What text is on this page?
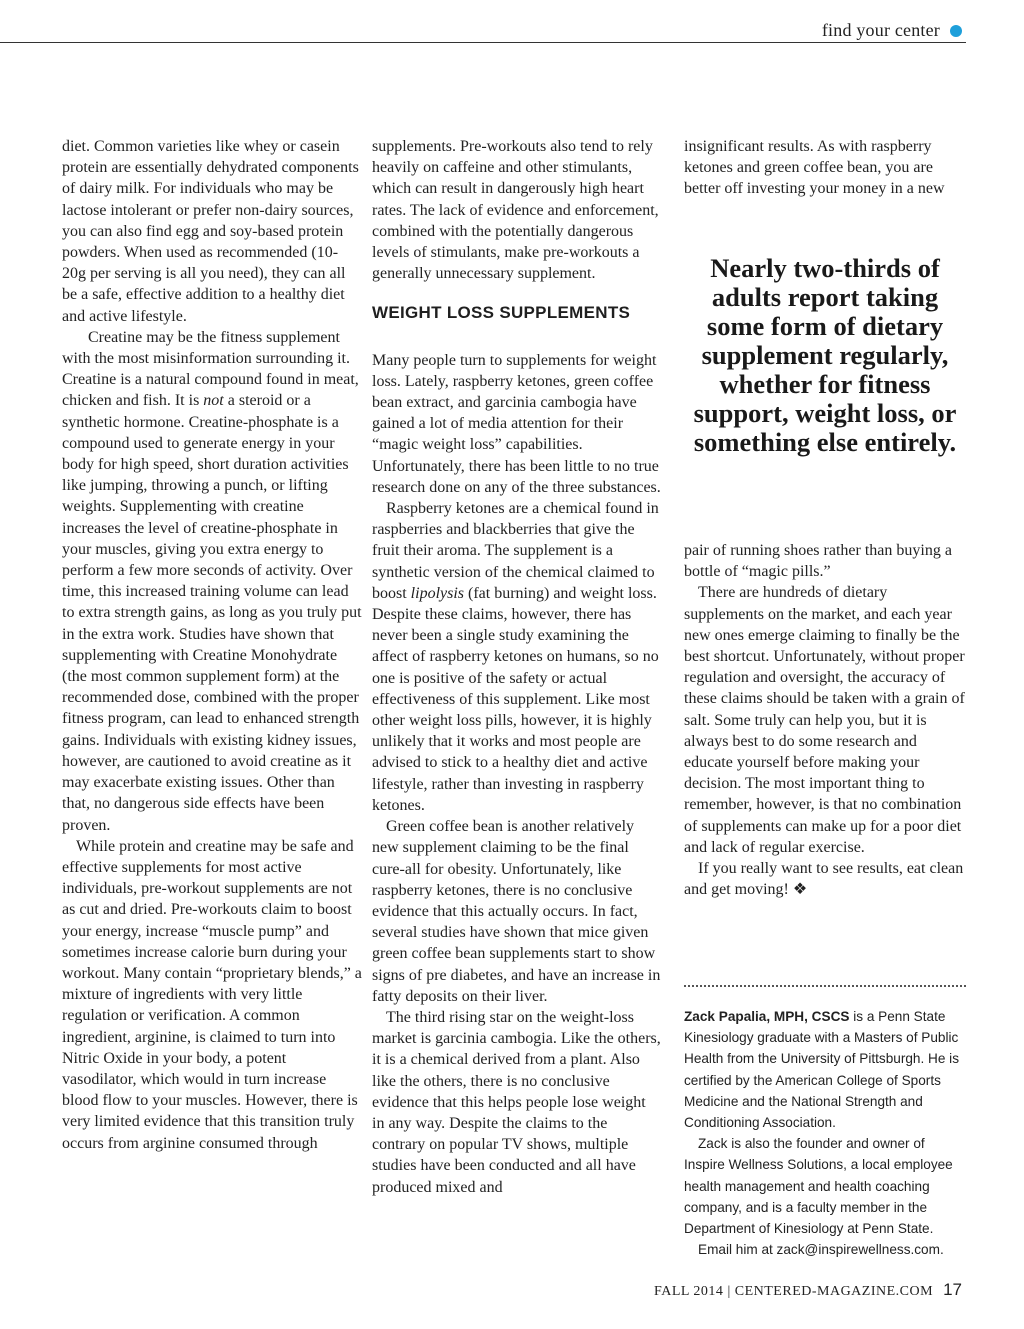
find your center

diet. Common varieties like whey or casein protein are essentially dehydrated components of dairy milk. For individuals who may be lactose intolerant or prefer non-dairy sources, you can also find egg and soy-based protein powders. When used as recommended (10-20g per serving is all you need), they can all be a safe, effective addition to a healthy diet and active lifestyle.

Creatine may be the fitness supplement with the most misinformation surrounding it. Creatine is a natural compound found in meat, chicken and fish. It is not a steroid or a synthetic hormone. Creatine-phosphate is a compound used to generate energy in your body for high speed, short duration activities like jumping, throwing a punch, or lifting weights. Supplementing with creatine increases the level of creatine-phosphate in your muscles, giving you extra energy to perform a few more seconds of activity. Over time, this increased training volume can lead to extra strength gains, as long as you truly put in the extra work. Studies have shown that supplementing with Creatine Monohydrate (the most common supplement form) at the recommended dose, combined with the proper fitness program, can lead to enhanced strength gains. Individuals with existing kidney issues, however, are cautioned to avoid creatine as it may exacerbate existing issues. Other than that, no dangerous side effects have been proven.

While protein and creatine may be safe and effective supplements for most active individuals, pre-workout supplements are not as cut and dried. Pre-workouts claim to boost your energy, increase “muscle pump” and sometimes increase calorie burn during your workout. Many contain “proprietary blends,” a mixture of ingredients with very little regulation or verification. A common ingredient, arginine, is claimed to turn into Nitric Oxide in your body, a potent vasodilator, which would in turn increase blood flow to your muscles. However, there is very limited evidence that this transition truly occurs from arginine consumed through

supplements. Pre-workouts also tend to rely heavily on caffeine and other stimulants, which can result in dangerously high heart rates. The lack of evidence and enforcement, combined with the potentially dangerous levels of stimulants, make pre-workouts a generally unnecessary supplement.

WEIGHT LOSS SUPPLEMENTS

Many people turn to supplements for weight loss. Lately, raspberry ketones, green coffee bean extract, and garcinia cambogia have gained a lot of media attention for their “magic weight loss” capabilities. Unfortunately, there has been little to no true research done on any of the three substances.

Raspberry ketones are a chemical found in raspberries and blackberries that give the fruit their aroma. The supplement is a synthetic version of the chemical claimed to boost lipolysis (fat burning) and weight loss. Despite these claims, however, there has never been a single study examining the affect of raspberry ketones on humans, so no one is positive of the safety or actual effectiveness of this supplement. Like most other weight loss pills, however, it is highly unlikely that it works and most people are advised to stick to a healthy diet and active lifestyle, rather than investing in raspberry ketones.

Green coffee bean is another relatively new supplement claiming to be the final cure-all for obesity. Unfortunately, like raspberry ketones, there is no conclusive evidence that this actually occurs. In fact, several studies have shown that mice given green coffee bean supplements start to show signs of pre diabetes, and have an increase in fatty deposits on their liver.

The third rising star on the weight-loss market is garcinia cambogia. Like the others, it is a chemical derived from a plant. Also like the others, there is no conclusive evidence that this helps people lose weight in any way. Despite the claims to the contrary on popular TV shows, multiple studies have been conducted and all have produced mixed and

insignificant results. As with raspberry ketones and green coffee bean, you are better off investing your money in a new

Nearly two-thirds of adults report taking some form of dietary supplement regularly, whether for fitness support, weight loss, or something else entirely.

pair of running shoes rather than buying a bottle of “magic pills.”

There are hundreds of dietary supplements on the market, and each year new ones emerge claiming to finally be the best shortcut. Unfortunately, without proper regulation and oversight, the accuracy of these claims should be taken with a grain of salt. Some truly can help you, but it is always best to do some research and educate yourself before making your decision. The most important thing to remember, however, is that no combination of supplements can make up for a poor diet and lack of regular exercise.

If you really want to see results, eat clean and get moving! ❖

Zack Papalia, MPH, CSCS is a Penn State Kinesiology graduate with a Masters of Public Health from the University of Pittsburgh. He is certified by the American College of Sports Medicine and the National Strength and Conditioning Association.

Zack is also the founder and owner of Inspire Wellness Solutions, a local employee health management and health coaching company, and is a faculty member in the Department of Kinesiology at Penn State.

Email him at zack@inspirewellness.com.

FALL 2014 | CENTERED-MAGAZINE.COM 17
